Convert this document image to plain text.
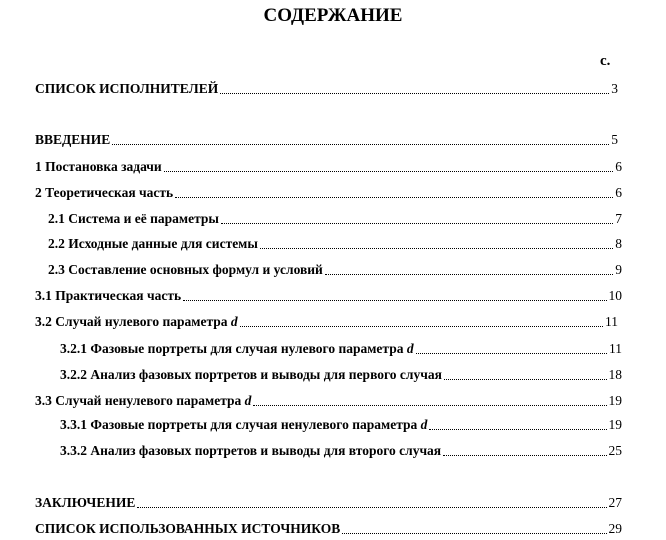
СОДЕРЖАНИЕ
с.
СПИСОК ИСПОЛНИТЕЛЕЙ	3
ВВЕДЕНИЕ	5
1 Постановка задачи	6
2 Теоретическая часть	6
2.1 Система и её параметры	7
2.2 Исходные данные для системы	8
2.3 Составление основных формул и условий	9
3.1 Практическая часть	10
3.2 Случай нулевого параметра d	11
3.2.1 Фазовые портреты для случая нулевого параметра d	11
3.2.2 Анализ фазовых портретов и выводы для первого случая	18
3.3 Случай ненулевого параметра d	19
3.3.1 Фазовые портреты для случая ненулевого параметра d	19
3.3.2 Анализ фазовых портретов и выводы для второго случая	25
ЗАКЛЮЧЕНИЕ	27
СПИСОК ИСПОЛЬЗОВАННЫХ ИСТОЧНИКОВ	29
